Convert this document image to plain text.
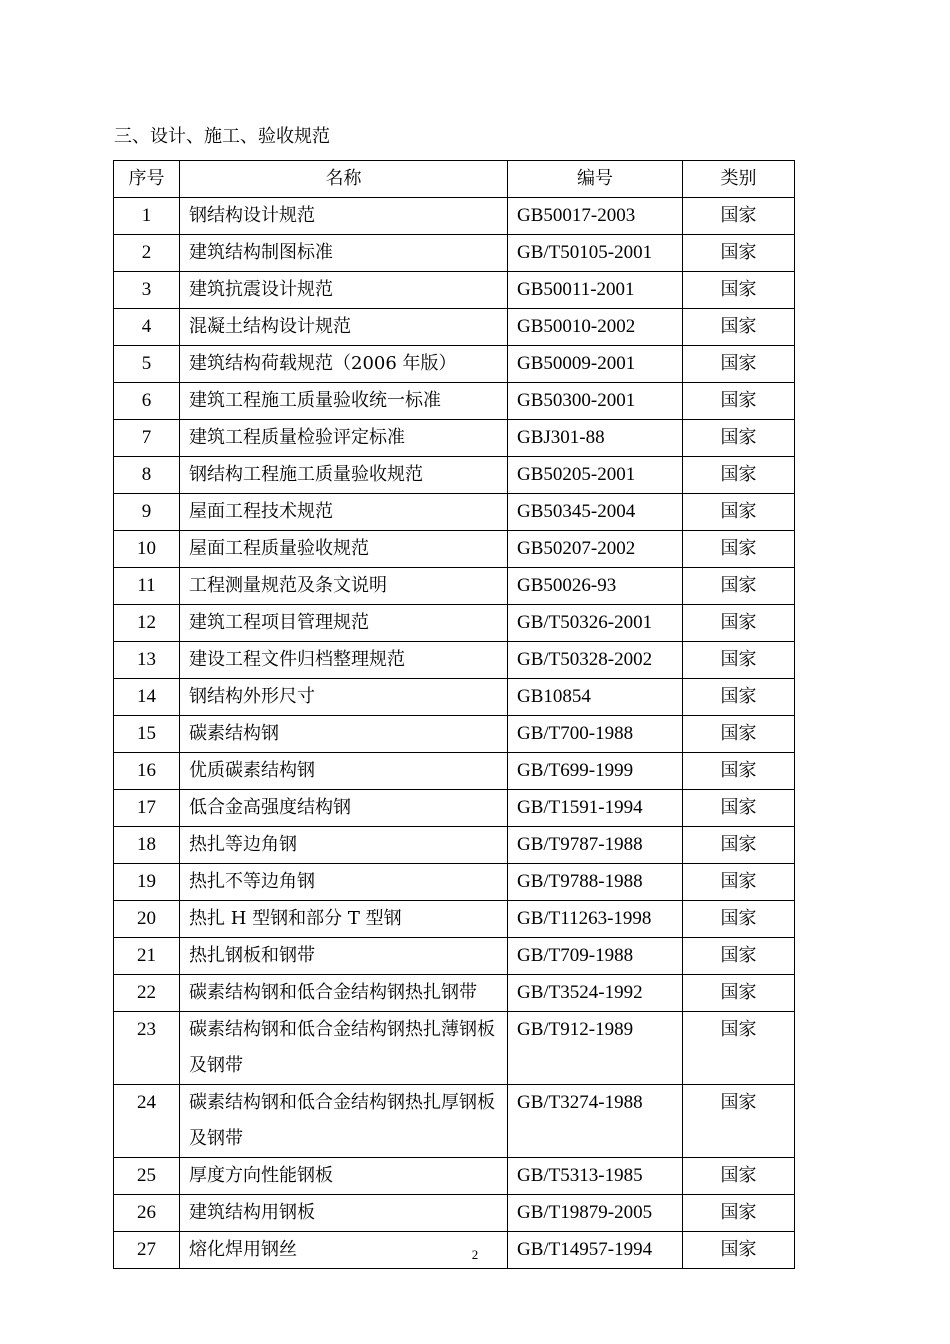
三、设计、施工、验收规范
序号	名称	编号	类别
1	钢结构设计规范	GB50017-2003	国家
2	建筑结构制图标准	GB/T50105-2001	国家
3	建筑抗震设计规范	GB50011-2001	国家
4	混凝土结构设计规范	GB50010-2002	国家
5	建筑结构荷载规范（2006 年版）	GB50009-2001	国家
6	建筑工程施工质量验收统一标准	GB50300-2001	国家
7	建筑工程质量检验评定标准	GBJ301-88	国家
8	钢结构工程施工质量验收规范	GB50205-2001	国家
9	屋面工程技术规范	GB50345-2004	国家
10	屋面工程质量验收规范	GB50207-2002	国家
11	工程测量规范及条文说明	GB50026-93	国家
12	建筑工程项目管理规范	GB/T50326-2001	国家
13	建设工程文件归档整理规范	GB/T50328-2002	国家
14	钢结构外形尺寸	GB10854	国家
15	碳素结构钢	GB/T700-1988	国家
16	优质碳素结构钢	GB/T699-1999	国家
17	低合金高强度结构钢	GB/T1591-1994	国家
18	热扎等边角钢	GB/T9787-1988	国家
19	热扎不等边角钢	GB/T9788-1988	国家
20	热扎 H 型钢和部分 T 型钢	GB/T11263-1998	国家
21	热扎钢板和钢带	GB/T709-1988	国家
22	碳素结构钢和低合金结构钢热扎钢带	GB/T3524-1992	国家
23	碳素结构钢和低合金结构钢热扎薄钢板及钢带	GB/T912-1989	国家
24	碳素结构钢和低合金结构钢热扎厚钢板及钢带	GB/T3274-1988	国家
25	厚度方向性能钢板	GB/T5313-1985	国家
26	建筑结构用钢板	GB/T19879-2005	国家
27	熔化焊用钢丝	GB/T14957-1994	国家
2
